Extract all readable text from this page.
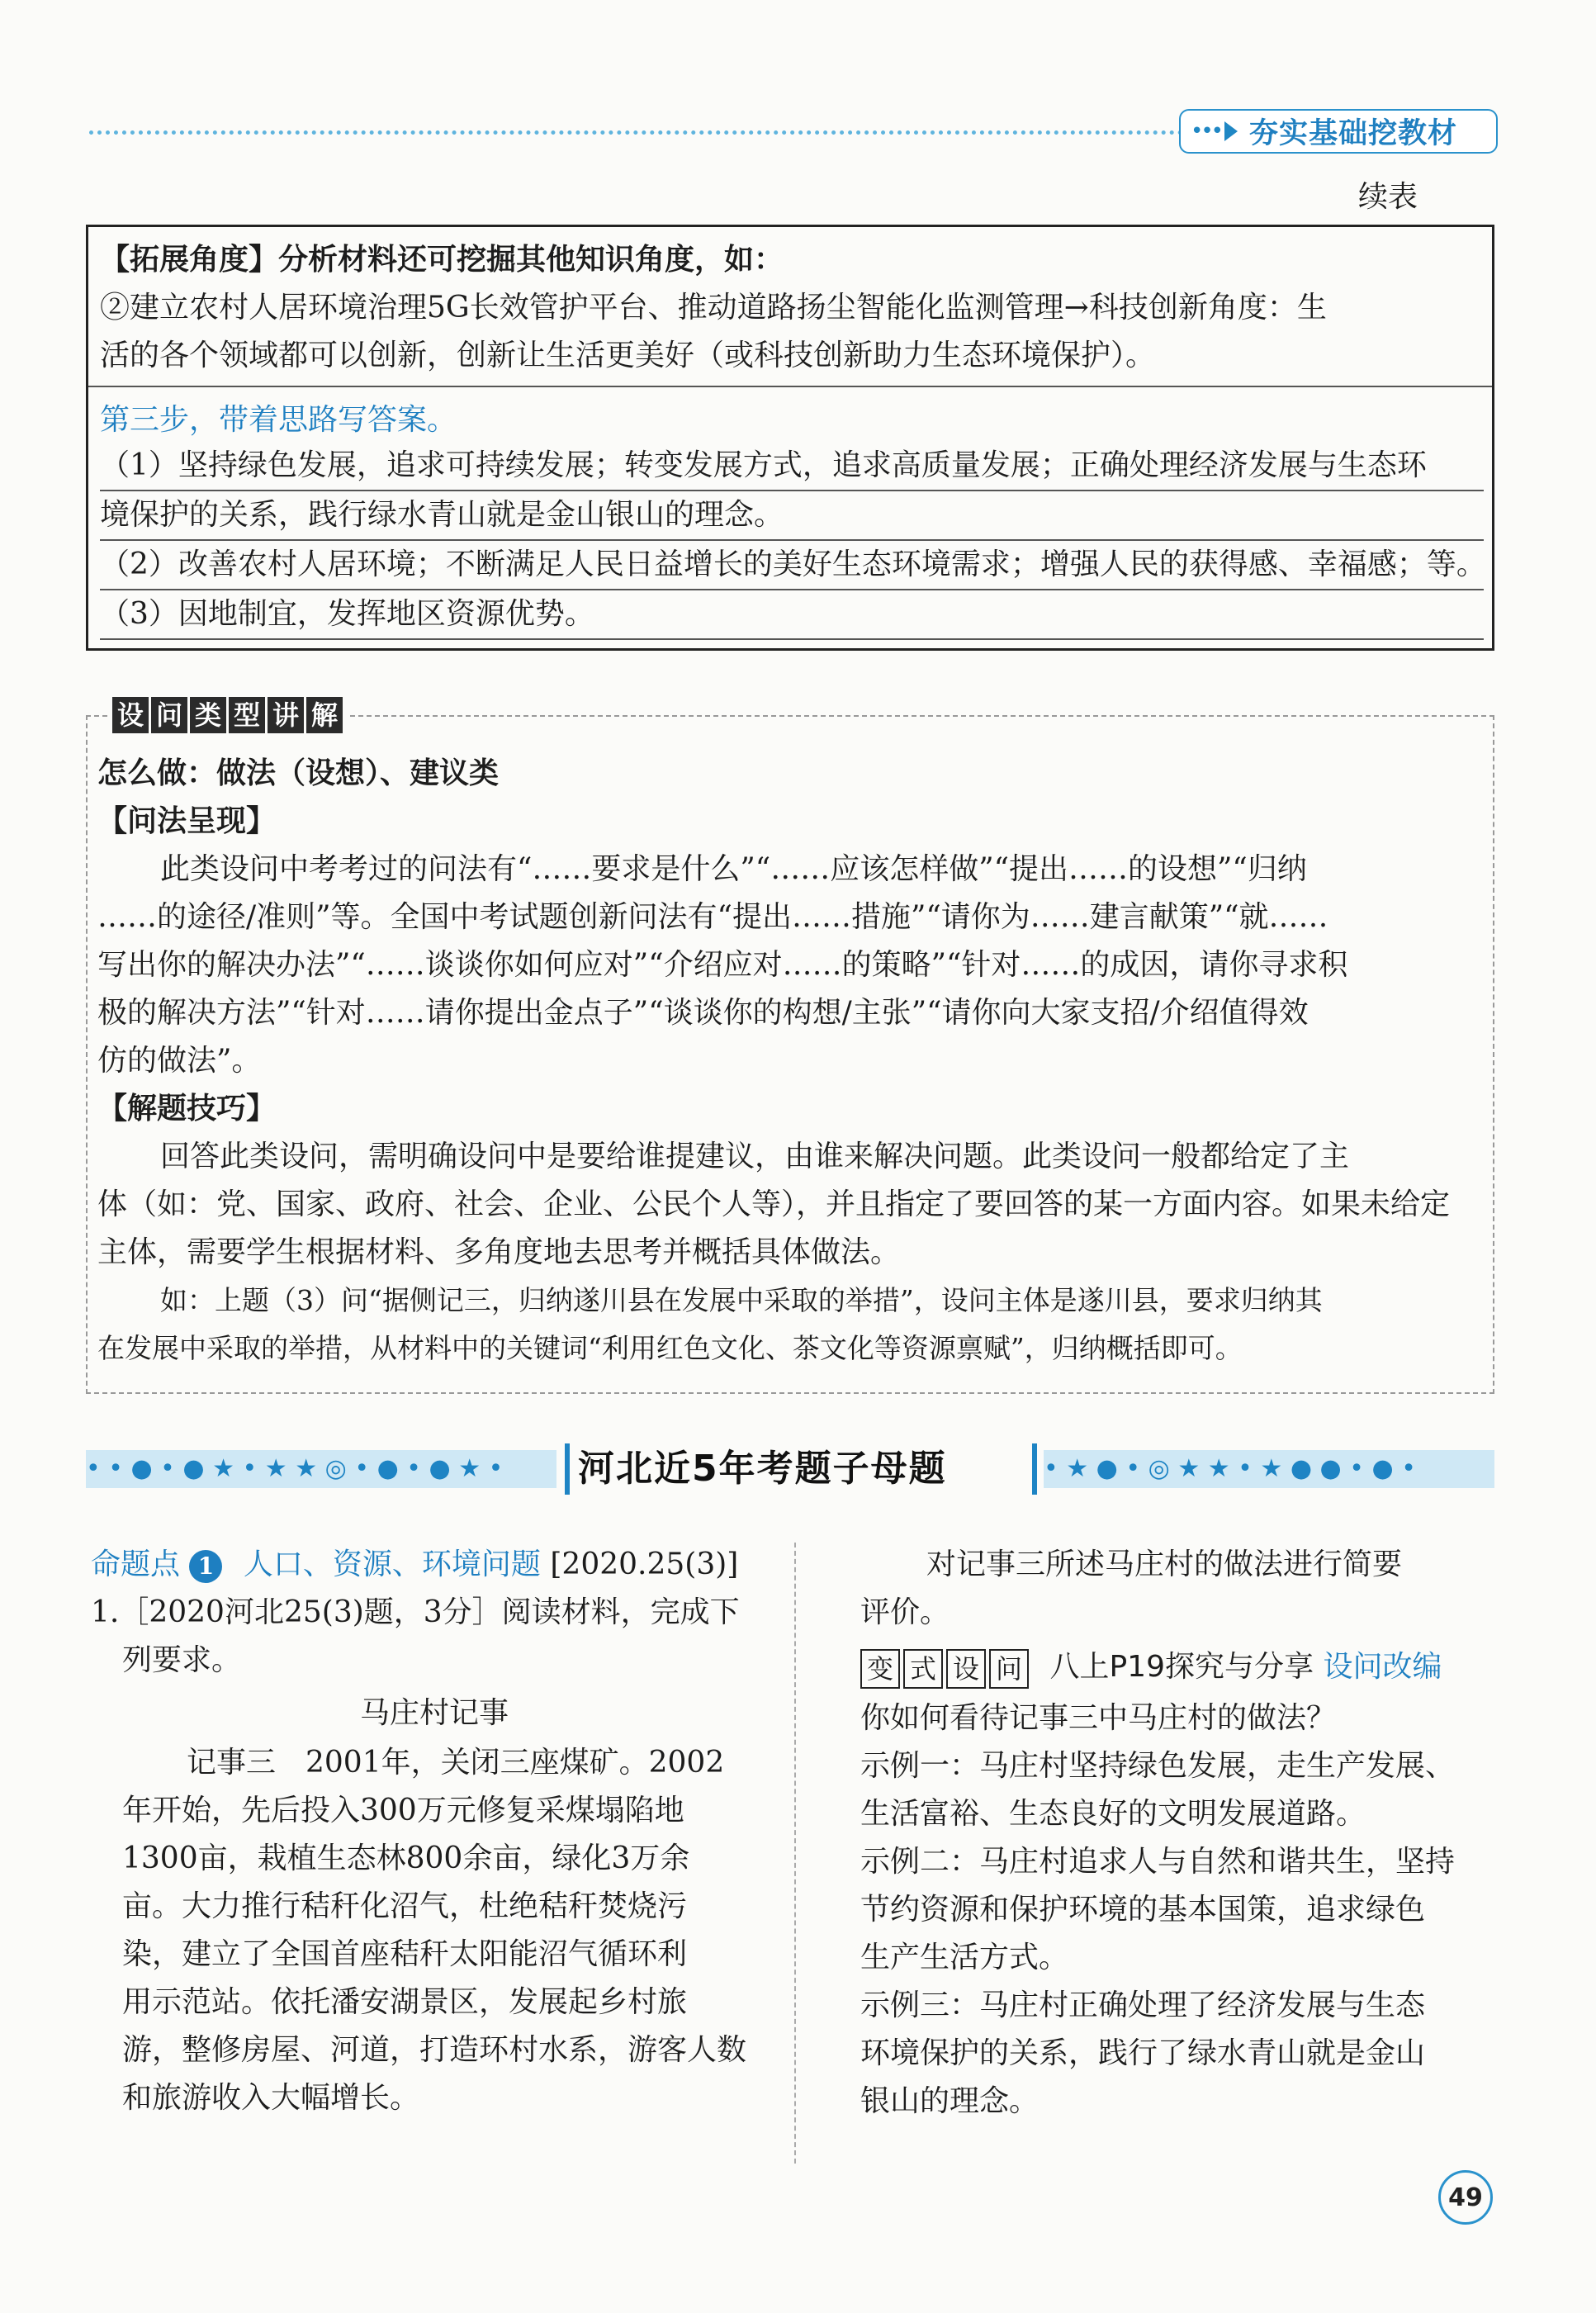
••• 夯实基础挖教材
续表
【拓展角度】分析材料还可挖掘其他知识角度，如：
②建立农村人居环境治理5G长效管护平台、推动道路扬尘智能化监测管理→科技创新角度：生
活的各个领域都可以创新，创新让生活更美好（或科技创新助力生态环境保护）。
第三步，带着思路写答案。
（1）坚持绿色发展，追求可持续发展；转变发展方式，追求高质量发展；正确处理经济发展与生态环
境保护的关系，践行绿水青山就是金山银山的理念。
（2）改善农村人居环境；不断满足人民日益增长的美好生态环境需求；增强人民的获得感、幸福感；等。
（3）因地制宜，发挥地区资源优势。
设 问 类 型 讲 解
怎么做：做法（设想）、建议类
【问法呈现】
此类设问中考考过的问法有“……要求是什么”“……应该怎样做”“提出……的设想”“归纳
……的途径/准则”等。全国中考试题创新问法有“提出……措施”“请你为……建言献策”“就……
写出你的解决办法”“……谈谈你如何应对”“介绍应对……的策略”“针对……的成因，请你寻求积
极的解决方法”“针对……请你提出金点子”“谈谈你的构想/主张”“请你向大家支招/介绍值得效
仿的做法”。
【解题技巧】
回答此类设问，需明确设问中是要给谁提建议，由谁来解决问题。此类设问一般都给定了主
体（如：党、国家、政府、社会、企业、公民个人等），并且指定了要回答的某一方面内容。如果未给定
主体，需要学生根据材料、多角度地去思考并概括具体做法。
如：上题（3）问“据侧记三，归纳遂川县在发展中采取的举措”，设问主体是遂川县，要求归纳其
在发展中采取的举措，从材料中的关键词“利用红色文化、茶文化等资源禀赋”，归纳概括即可。
• • ● • ● ★ • ★ ★ ◎ • ● • ● ★ •	河北近5年考题子母题	• ★ ● • ◎ ★ ★ • ★ ● ● • ● •
命题点 1 人口、资源、环境问题 [2020.25(3)]
1.［2020河北25(3)题，3分］阅读材料，完成下
列要求。
马庄村记事
记事三　2001年，关闭三座煤矿。2002
年开始，先后投入300万元修复采煤塌陷地
1300亩，栽植生态林800余亩，绿化3万余
亩。大力推行秸秆化沼气，杜绝秸秆焚烧污
染，建立了全国首座秸秆太阳能沼气循环利
用示范站。依托潘安湖景区，发展起乡村旅
游，整修房屋、河道，打造环村水系，游客人数
和旅游收入大幅增长。
对记事三所述马庄村的做法进行简要
评价。
变 式 设 问 八上P19探究与分享 设问改编
你如何看待记事三中马庄村的做法？
示例一：马庄村坚持绿色发展，走生产发展、
生活富裕、生态良好的文明发展道路。
示例二：马庄村追求人与自然和谐共生，坚持
节约资源和保护环境的基本国策，追求绿色
生产生活方式。
示例三：马庄村正确处理了经济发展与生态
环境保护的关系，践行了绿水青山就是金山
银山的理念。
49
